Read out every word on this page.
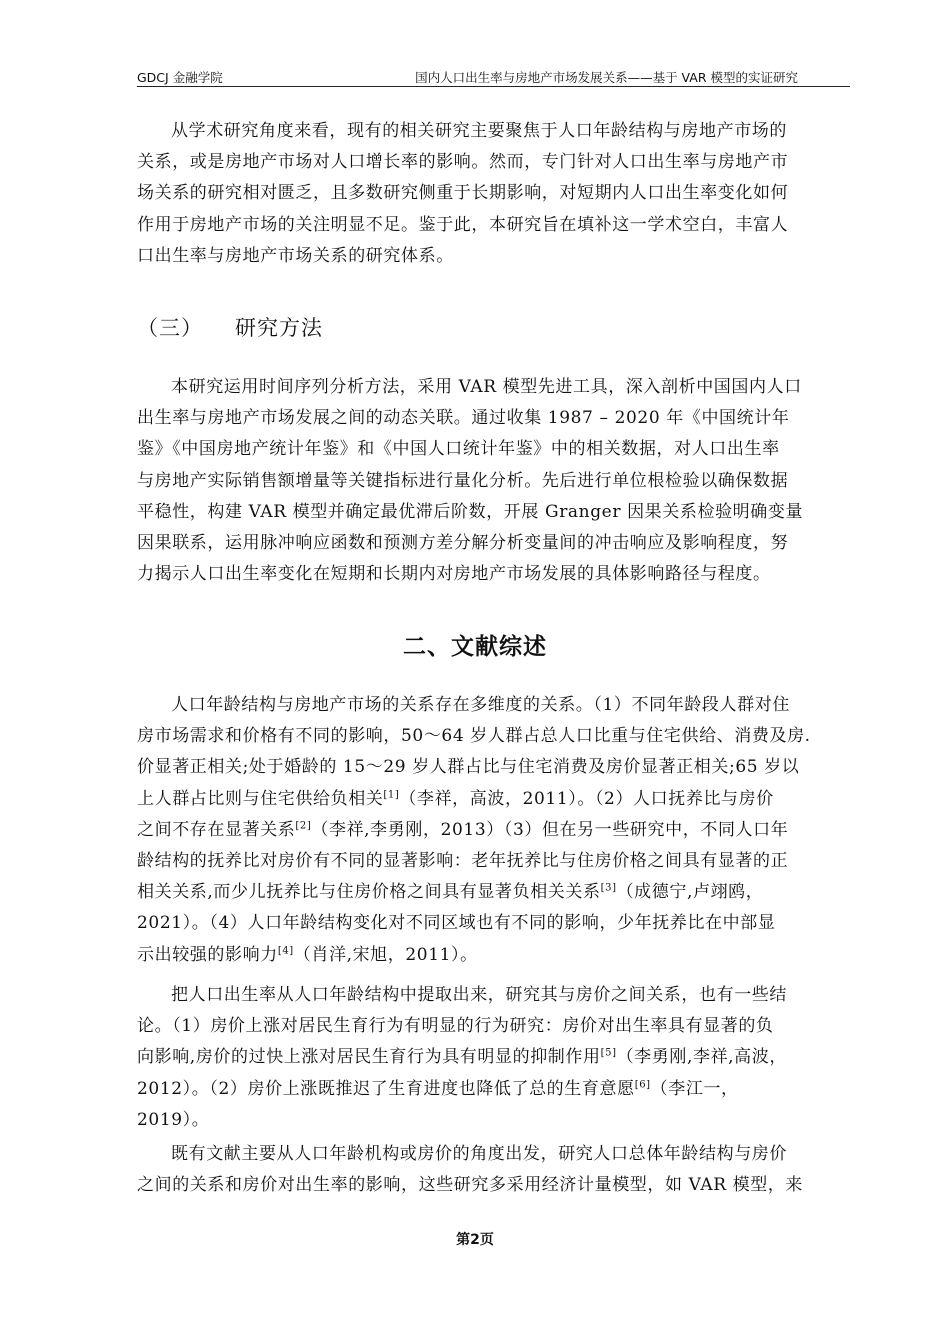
GDCJ 金融学院	国内人口出生率与房地产市场发展关系——基于 VAR 模型的实证研究

从学术研究角度来看，现有的相关研究主要聚焦于人口年龄结构与房地产市场的
关系，或是房地产市场对人口增长率的影响。然而，专门针对人口出生率与房地产市
场关系的研究相对匮乏，且多数研究侧重于长期影响，对短期内人口出生率变化如何
作用于房地产市场的关注明显不足。鉴于此，本研究旨在填补这一学术空白，丰富人
口出生率与房地产市场关系的研究体系。

（三） 研究方法

本研究运用时间序列分析方法，采用 VAR 模型先进工具，深入剖析中国国内人口
出生率与房地产市场发展之间的动态关联。通过收集 1987 – 2020 年《中国统计年
鉴》《中国房地产统计年鉴》和《中国人口统计年鉴》中的相关数据，对人口出生率
与房地产实际销售额增量等关键指标进行量化分析。先后进行单位根检验以确保数据
平稳性，构建 VAR 模型并确定最优滞后阶数，开展 Granger 因果关系检验明确变量
因果联系，运用脉冲响应函数和预测方差分解分析变量间的冲击响应及影响程度，努
力揭示人口出生率变化在短期和长期内对房地产市场发展的具体影响路径与程度。

二、文献综述

人口年龄结构与房地产市场的关系存在多维度的关系。（1）不同年龄段人群对住
房市场需求和价格有不同的影响，50～64 岁人群占总人口比重与住宅供给、消费及房.
价显著正相关;处于婚龄的 15～29 岁人群占比与住宅消费及房价显著正相关;65 岁以
上人群占比则与住宅供给负相关[1]（李祥，高波，2011）。（2）人口抚养比与房价
之间不存在显著关系[2]（李祥,李勇刚，2013）（3）但在另一些研究中，不同人口年
龄结构的抚养比对房价有不同的显著影响：老年抚养比与住房价格之间具有显著的正
相关关系,而少儿抚养比与住房价格之间具有显著负相关关系[3]（成德宁,卢翊鸥，
2021）。（4）人口年龄结构变化对不同区域也有不同的影响，少年抚养比在中部显
示出较强的影响力[4]（肖洋,宋旭，2011）。

把人口出生率从人口年龄结构中提取出来，研究其与房价之间关系，也有一些结
论。（1）房价上涨对居民生育行为有明显的行为研究：房价对出生率具有显著的负
向影响,房价的过快上涨对居民生育行为具有明显的抑制作用[5]（李勇刚,李祥,高波，
2012）。（2）房价上涨既推迟了生育进度也降低了总的生育意愿[6]（李江一，
2019）。

既有文献主要从人口年龄机构或房价的角度出发，研究人口总体年龄结构与房价
之间的关系和房价对出生率的影响，这些研究多采用经济计量模型，如 VAR 模型，来

第2页
